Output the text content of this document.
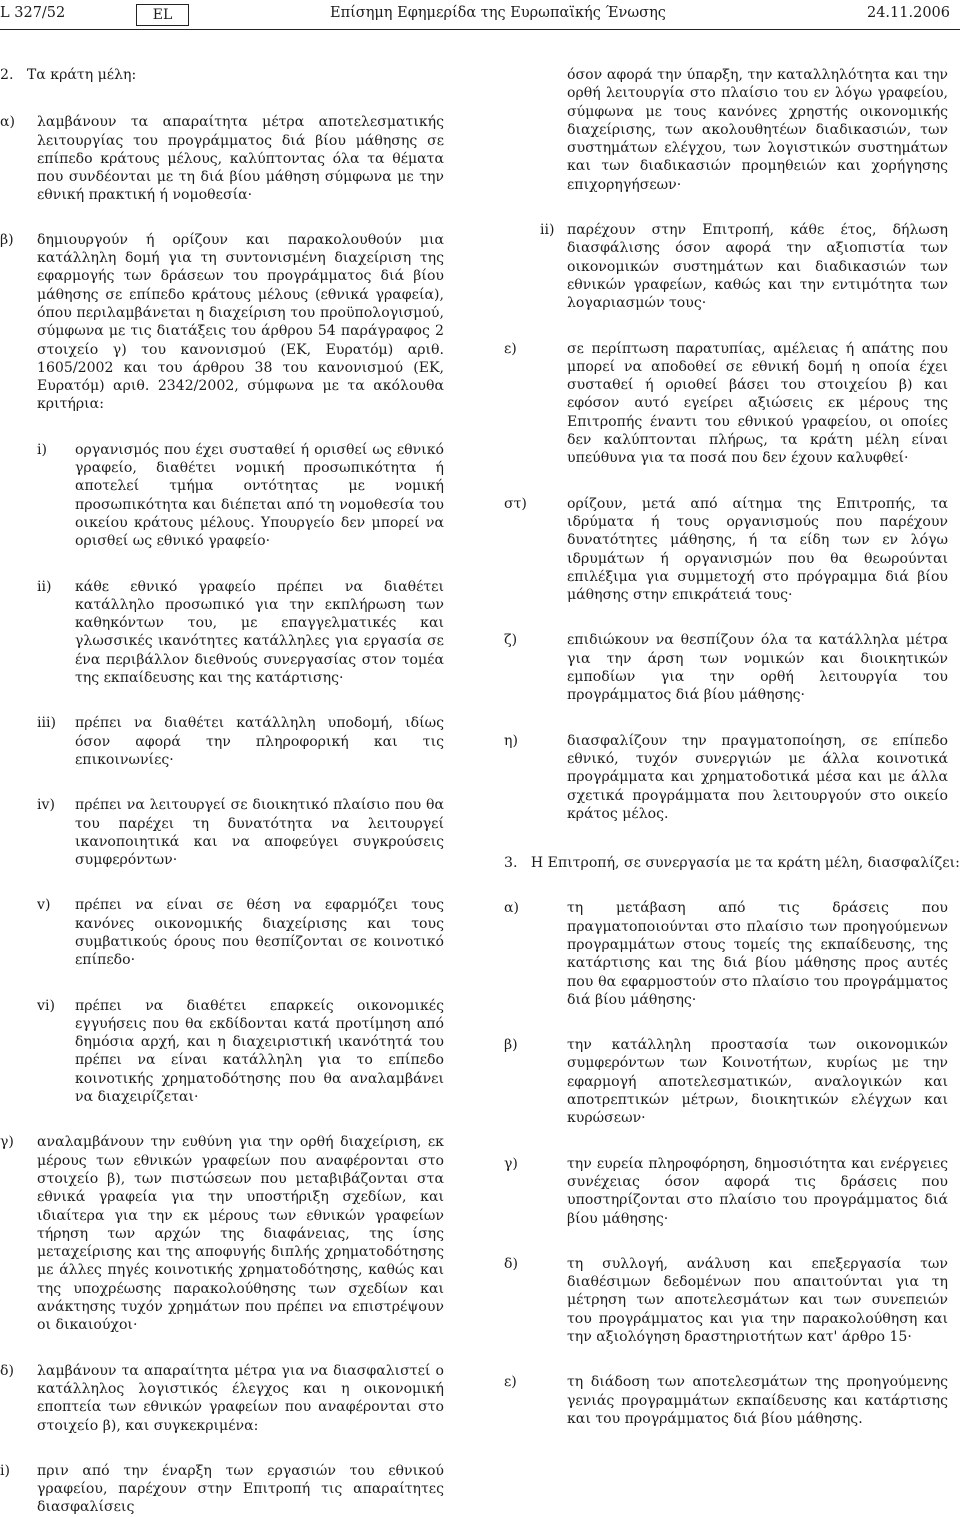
L 327/52	EL	Επίσημη Εφημερίδα της Ευρωπαϊκής Ένωσης	24.11.2006

2.   Τα κράτη μέλη:

α) λαμβάνουν τα απαραίτητα μέτρα αποτελεσματικής λειτουργίας του προγράμματος διά βίου μάθησης σε επίπεδο κράτους μέλους, καλύπτοντας όλα τα θέματα που συνδέονται με τη διά βίου μάθηση σύμφωνα με την εθνική πρακτική ή νομοθεσία·
β) δημιουργούν ή ορίζουν και παρακολουθούν μια κατάλληλη δομή για τη συντονισμένη διαχείριση της εφαρμογής των δράσεων του προγράμματος διά βίου μάθησης σε επίπεδο κράτους μέλους (εθνικά γραφεία), όπου περιλαμβάνεται η διαχείριση του προϋπολογισμού, σύμφωνα με τις διατάξεις του άρθρου 54 παράγραφος 2 στοιχείο γ) του κανονισμού (ΕΚ, Ευρατόμ) αριθ. 1605/2002 και του άρθρου 38 του κανονισμού (ΕΚ, Ευρατόμ) αριθ. 2342/2002, σύμφωνα με τα ακόλουθα κριτήρια:
i) οργανισμός που έχει συσταθεί ή ορισθεί ως εθνικό γραφείο, διαθέτει νομική προσωπικότητα ή αποτελεί τμήμα οντότητας με νομική προσωπικότητα και διέπεται από τη νομοθεσία του οικείου κράτους μέλους. Υπουργείο δεν μπορεί να ορισθεί ως εθνικό γραφείο·
ii) κάθε εθνικό γραφείο πρέπει να διαθέτει κατάλληλο προσωπικό για την εκπλήρωση των καθηκόντων του, με επαγγελματικές και γλωσσικές ικανότητες κατάλληλες για εργασία σε ένα περιβάλλον διεθνούς συνεργασίας στον τομέα της εκπαίδευσης και της κατάρτισης·
iii) πρέπει να διαθέτει κατάλληλη υποδομή, ιδίως όσον αφορά την πληροφορική και τις επικοινωνίες·
iv) πρέπει να λειτουργεί σε διοικητικό πλαίσιο που θα του παρέχει τη δυνατότητα να λειτουργεί ικανοποιητικά και να αποφεύγει συγκρούσεις συμφερόντων·
v) πρέπει να είναι σε θέση να εφαρμόζει τους κανόνες οικονομικής διαχείρισης και τους συμβατικούς όρους που θεσπίζονται σε κοινοτικό επίπεδο·
vi) πρέπει να διαθέτει επαρκείς οικονομικές εγγυήσεις που θα εκδίδονται κατά προτίμηση από δημόσια αρχή, και η διαχειριστική ικανότητά του πρέπει να είναι κατάλληλη για το επίπεδο κοινοτικής χρηματοδότησης που θα αναλαμβάνει να διαχειρίζεται·
γ) αναλαμβάνουν την ευθύνη για την ορθή διαχείριση, εκ μέρους των εθνικών γραφείων που αναφέρονται στο στοιχείο β), των πιστώσεων που μεταβιβάζονται στα εθνικά γραφεία για την υποστήριξη σχεδίων, και ιδιαίτερα για την εκ μέρους των εθνικών γραφείων τήρηση των αρχών της διαφάνειας, της ίσης μεταχείρισης και της αποφυγής διπλής χρηματοδότησης με άλλες πηγές κοινοτικής χρηματοδότησης, καθώς και της υποχρέωσης παρακολούθησης των σχεδίων και ανάκτησης τυχόν χρημάτων που πρέπει να επιστρέψουν οι δικαιούχοι·
δ) λαμβάνουν τα απαραίτητα μέτρα για να διασφαλιστεί ο κατάλληλος λογιστικός έλεγχος και η οικονομική εποπτεία των εθνικών γραφείων που αναφέρονται στο στοιχείο β), και συγκεκριμένα:
i) πριν από την έναρξη των εργασιών του εθνικού γραφείου, παρέχουν στην Επιτροπή τις απαραίτητες διασφαλίσεις
όσον αφορά την ύπαρξη, την καταλληλότητα και την ορθή λειτουργία στο πλαίσιο του εν λόγω γραφείου, σύμφωνα με τους κανόνες χρηστής οικονομικής διαχείρισης, των ακολουθητέων διαδικασιών, των συστημάτων ελέγχου, των λογιστικών συστημάτων και των διαδικασιών προμηθειών και χορήγησης επιχορηγήσεων·
ii) παρέχουν στην Επιτροπή, κάθε έτος, δήλωση διασφάλισης όσον αφορά την αξιοπιστία των οικονομικών συστημάτων και διαδικασιών των εθνικών γραφείων, καθώς και την εντιμότητα των λογαριασμών τους·
ε)	σε περίπτωση παρατυπίας, αμέλειας ή απάτης που μπορεί να αποδοθεί σε εθνική δομή η οποία έχει συσταθεί ή οριοθεί βάσει του στοιχείου β) και εφόσον αυτό εγείρει αξιώσεις εκ μέρους της Επιτροπής έναντι του εθνικού γραφείου, οι οποίες δεν καλύπτονται πλήρως, τα κράτη μέλη είναι υπεύθυνα για τα ποσά που δεν έχουν καλυφθεί·
στ)	ορίζουν, μετά από αίτημα της Επιτροπής, τα ιδρύματα ή τους οργανισμούς που παρέχουν δυνατότητες μάθησης, ή τα είδη των εν λόγω ιδρυμάτων ή οργανισμών που θα θεωρούνται επιλέξιμα για συμμετοχή στο πρόγραμμα διά βίου μάθησης στην επικράτειά τους·
ζ)	επιδιώκουν να θεσπίζουν όλα τα κατάλληλα μέτρα για την άρση των νομικών και διοικητικών εμποδίων για την ορθή λειτουργία του προγράμματος διά βίου μάθησης·
η)	διασφαλίζουν την πραγματοποίηση, σε επίπεδο εθνικό, τυχόν συνεργιών με άλλα κοινοτικά προγράμματα και χρηματοδοτικά μέσα και με άλλα σχετικά προγράμματα που λειτουργούν στο οικείο κράτος μέλος.

3.   Η Επιτροπή, σε συνεργασία με τα κράτη μέλη, διασφαλίζει:

α)	τη μετάβαση από τις δράσεις που πραγματοποιούνται στο πλαίσιο των προηγούμενων προγραμμάτων στους τομείς της εκπαίδευσης, της κατάρτισης και της διά βίου μάθησης προς αυτές που θα εφαρμοστούν στο πλαίσιο του προγράμματος διά βίου μάθησης·
β)	την κατάλληλη προστασία των οικονομικών συμφερόντων των Κοινοτήτων, κυρίως με την εφαρμογή αποτελεσματικών, αναλογικών και αποτρεπτικών μέτρων, διοικητικών ελέγχων και κυρώσεων·
γ)	την ευρεία πληροφόρηση, δημοσιότητα και ενέργειες συνέχειας όσον αφορά τις δράσεις που υποστηρίζονται στο πλαίσιο του προγράμματος διά βίου μάθησης·
δ)	τη συλλογή, ανάλυση και επεξεργασία των διαθέσιμων δεδομένων που απαιτούνται για τη μέτρηση των αποτελεσμάτων και των συνεπειών του προγράμματος και για την παρακολούθηση και την αξιολόγηση δραστηριοτήτων κατ' άρθρο 15·
ε)	τη διάδοση των αποτελεσμάτων της προηγούμενης γενιάς προγραμμάτων εκπαίδευσης και κατάρτισης και του προγράμματος διά βίου μάθησης.
